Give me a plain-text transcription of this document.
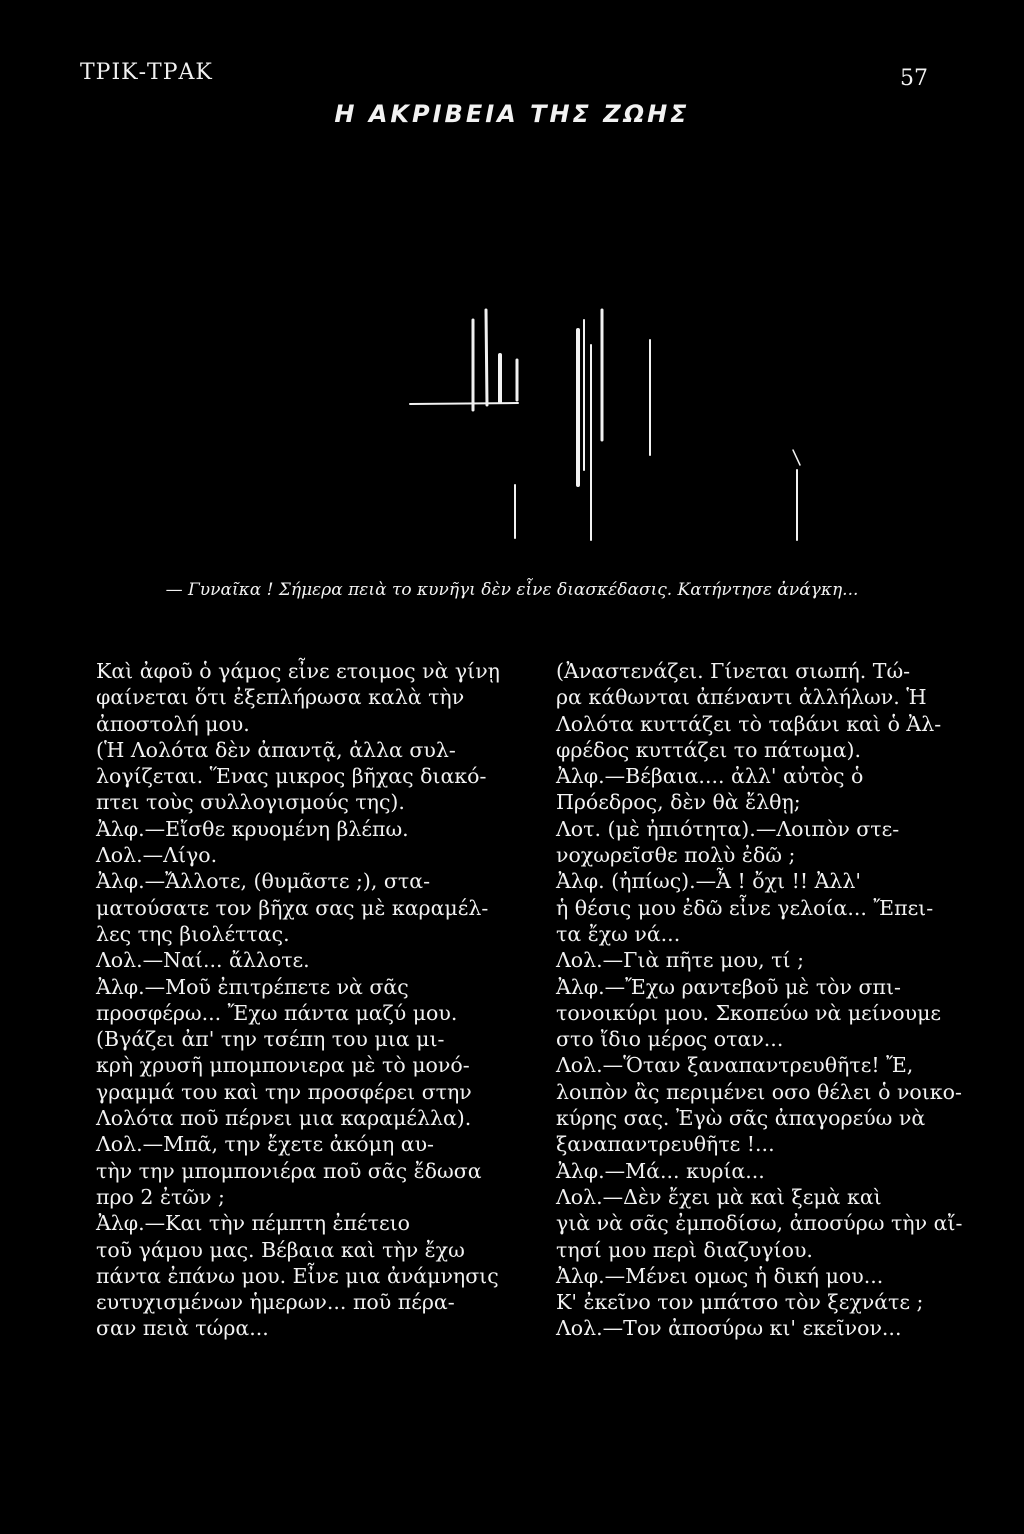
ΤΡΙΚ-ΤΡΑΚ	57
Η ΑΚΡΙΒΕΙΑ ΤΗΣ ΖΩΗΣ
— Γυναῖκα ! Σήμερα πειὰ το κυνῆγι δὲν εἶνε διασκέδασις. Κατήντησε ἀνάγκη...
Καὶ ἀφοῦ ὁ γάμος εἶνε ετοιμος νὰ γίνῃ
φαίνεται ὅτι ἐξεπλήρωσα καλὰ τὴν
ἀποστολή μου.
(Ἡ Λολότα δὲν ἀπαντᾷ, ἀλλα συλ-
λογίζεται. Ἕνας μικρος βῆχας διακό-
πτει τοὺς συλλογισμούς της).
Ἀλφ.—Εἴσθε κρυομένη βλέπω.
Λολ.—Λίγο.
Ἀλφ.—Ἄλλοτε, (θυμᾶστε ;), στα-
ματούσατε τον βῆχα σας μὲ καραμέλ-
λες της βιολέττας.
Λολ.—Ναί... ἄλλοτε.
Ἀλφ.—Μοῦ ἐπιτρέπετε νὰ σᾶς
προσφέρω... Ἔχω πάντα μαζύ μου.
(Βγάζει ἀπ' την τσέπη του μια μι-
κρὴ χρυσῆ μπομπονιερα μὲ τὸ μονό-
γραμμά του καὶ την προσφέρει στην
Λολότα ποῦ πέρνει μια καραμέλλα).
Λολ.—Μπᾶ, την ἔχετε ἀκόμη αυ-
τὴν την μπομπονιέρα ποῦ σᾶς ἔδωσα
προ 2 ἐτῶν ;
Ἀλφ.—Και τὴν πέμπτη ἐπέτειο
τοῦ γάμου μας. Βέβαια καὶ τὴν ἔχω
πάντα ἐπάνω μου. Εἶνε μια ἀνάμνησις
ευτυχισμένων ἡμερων... ποῦ πέρα-
σαν πειὰ τώρα...
(Ἀναστενάζει. Γίνεται σιωπή. Τώ-
ρα κάθωνται ἀπέναντι ἀλλήλων. Ἡ
Λολότα κυττάζει τὸ ταβάνι καὶ ὁ Ἀλ-
φρέδος κυττάζει το πάτωμα).
Ἀλφ.—Βέβαια.... ἀλλ' αὐτὸς ὁ
Πρόεδρος, δὲν θὰ ἔλθῃ;
Λοτ. (μὲ ἠπιότητα).—Λοιπὸν στε-
νοχωρεῖσθε πολὺ ἐδῶ ;
Ἀλφ. (ἠπίως).—Ἆ ! ὄχι !! Ἀλλ'
ἡ θέσις μου ἐδῶ εἶνε γελοία... Ἔπει-
τα ἔχω νά...
Λολ.—Γιὰ πῆτε μου, τί ;
Ἀλφ.—Ἔχω ραντεβοῦ μὲ τὸν σπι-
τονοικύρι μου. Σκοπεύω νὰ μείνουμε
στο ἴδιο μέρος οταν...
Λολ.—Ὅταν ξαναπαντρευθῆτε! Ἔ,
λοιπὸν ἂς περιμένει οσο θέλει ὁ νοικο-
κύρης σας. Ἐγὼ σᾶς ἀπαγορεύω νὰ
ξαναπαντρευθῆτε !...
Ἀλφ.—Μά... κυρία...
Λολ.—Δὲν ἔχει μὰ καὶ ξεμὰ καὶ
γιὰ νὰ σᾶς ἐμποδίσω, ἀποσύρω τὴν αἴ-
τησί μου περὶ διαζυγίου.
Ἀλφ.—Μένει ομως ἡ δική μου...
Κ' ἐκεῖνο τον μπάτσο τὸν ξεχνάτε ;
Λολ.—Τον ἀποσύρω κι' εκεῖνον...
